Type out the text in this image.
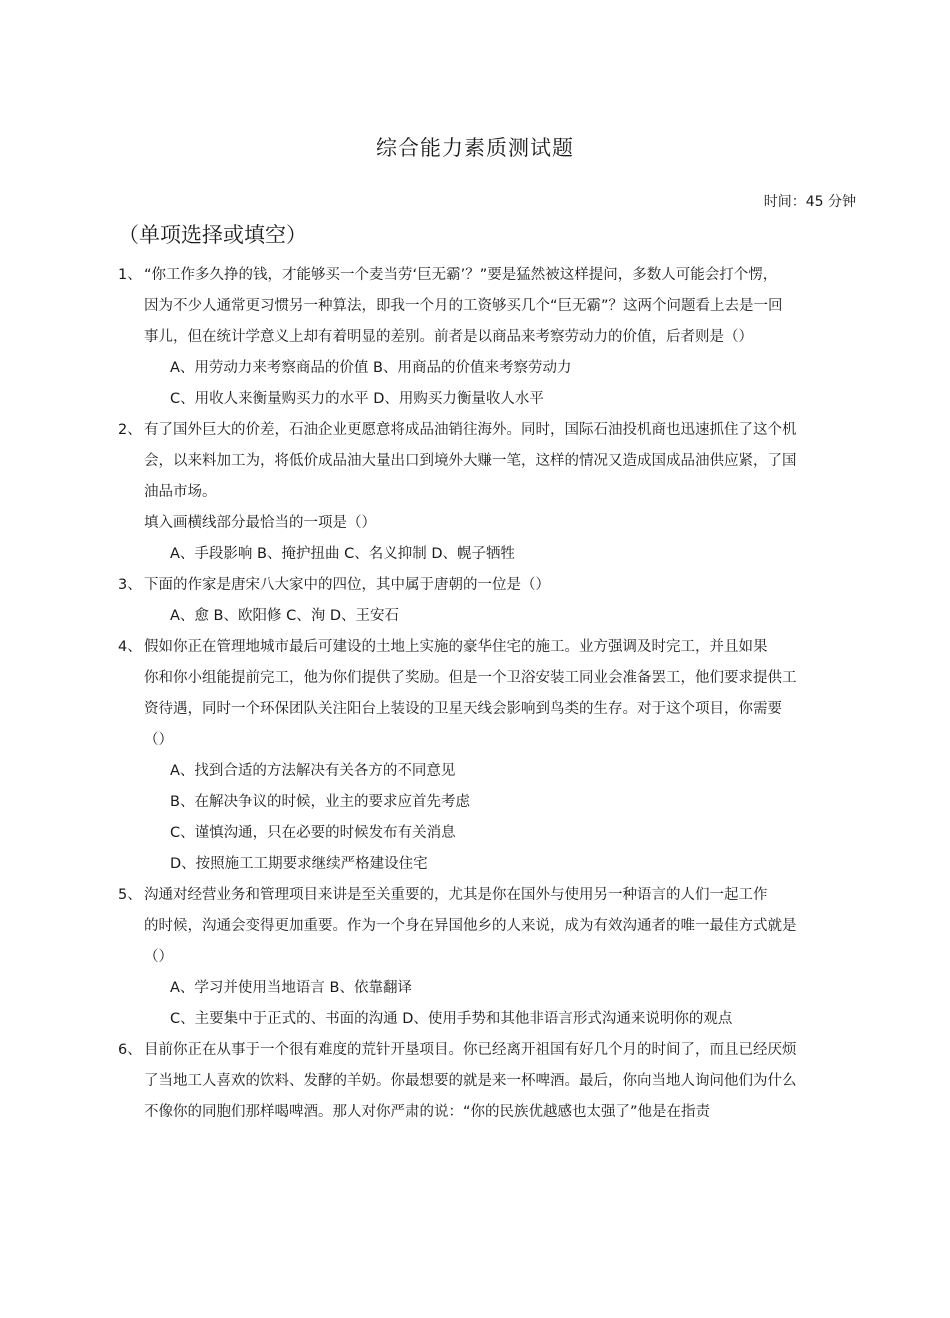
综合能力素质测试题
时间：45 分钟
（单项选择或填空）
1、 “你工作多久挣的钱，才能够买一个麦当劳‘巨无霸’？”要是猛然被这样提问，多数人可能会打个愣，
因为不少人通常更习惯另一种算法，即我一个月的工资够买几个“巨无霸”？这两个问题看上去是一回
事儿，但在统计学意义上却有着明显的差别。前者是以商品来考察劳动力的价值，后者则是（）
A、用劳动力来考察商品的价值 B、用商品的价值来考察劳动力
C、用收人来衡量购买力的水平 D、用购买力衡量收人水平
2、 有了国外巨大的价差，石油企业更愿意将成品油销往海外。同时，国际石油投机商也迅速抓住了这个机
会，以来料加工为，将低价成品油大量出口到境外大赚一笔，这样的情况又造成国成品油供应紧，了国
油品市场。
填入画横线部分最恰当的一项是（）
A、手段影响 B、掩护扭曲 C、名义抑制 D、幌子牺牲
3、 下面的作家是唐宋八大家中的四位，其中属于唐朝的一位是（）
A、愈 B、欧阳修 C、洵 D、王安石
4、 假如你正在管理地城市最后可建设的土地上实施的豪华住宅的施工。业方强调及时完工，并且如果
你和你小组能提前完工，他为你们提供了奖励。但是一个卫浴安装工同业会准备罢工，他们要求提供工
资待遇，同时一个环保团队关注阳台上装设的卫星天线会影响到鸟类的生存。对于这个项目，你需要
（）
A、找到合适的方法解决有关各方的不同意见
B、在解决争议的时候，业主的要求应首先考虑
C、谨慎沟通，只在必要的时候发布有关消息
D、按照施工工期要求继续严格建设住宅
5、 沟通对经营业务和管理项目来讲是至关重要的，尤其是你在国外与使用另一种语言的人们一起工作
的时候，沟通会变得更加重要。作为一个身在异国他乡的人来说，成为有效沟通者的唯一最佳方式就是
（）
A、学习并使用当地语言 B、依靠翻译
C、主要集中于正式的、书面的沟通 D、使用手势和其他非语言形式沟通来说明你的观点
6、 目前你正在从事于一个很有难度的荒针开垦项目。你已经离开祖国有好几个月的时间了，而且已经厌烦
了当地工人喜欢的饮料、发酵的羊奶。你最想要的就是来一杯啤酒。最后，你向当地人询问他们为什么
不像你的同胞们那样喝啤酒。那人对你严肃的说：“你的民族优越感也太强了”他是在指责
